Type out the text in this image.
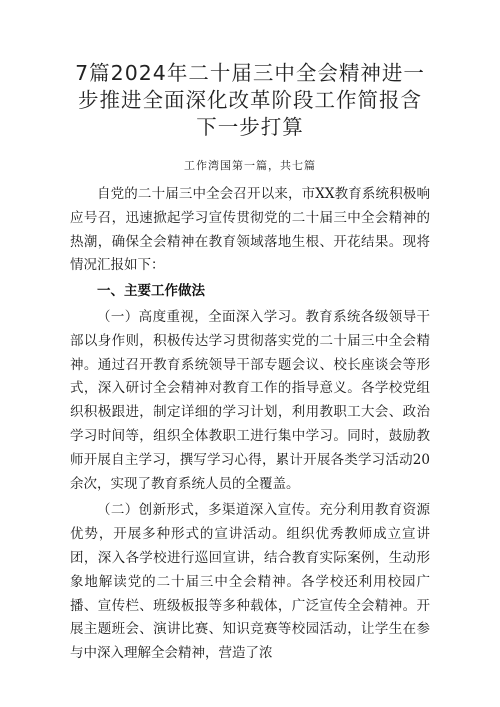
7篇2024年二十届三中全会精神进一步推进全面深化改革阶段工作简报含下一步打算

工作湾国第一篇，共七篇

自党的二十届三中全会召开以来，市XX教育系统积极响应号召，迅速掀起学习宣传贯彻党的二十届三中全会精神的热潮，确保全会精神在教育领域落地生根、开花结果。现将情况汇报如下：

一、主要工作做法

（一）高度重视，全面深入学习。教育系统各级领导干部以身作则，积极传达学习贯彻落实党的二十届三中全会精神。通过召开教育系统领导干部专题会议、校长座谈会等形式，深入研讨全会精神对教育工作的指导意义。各学校党组织积极跟进，制定详细的学习计划，利用教职工大会、政治学习时间等，组织全体教职工进行集中学习。同时，鼓励教师开展自主学习，撰写学习心得，累计开展各类学习活动20余次，实现了教育系统人员的全覆盖。

（二）创新形式，多渠道深入宣传。充分利用教育资源优势，开展多种形式的宣讲活动。组织优秀教师成立宣讲团，深入各学校进行巡回宣讲，结合教育实际案例，生动形象地解读党的二十届三中全会精神。各学校还利用校园广播、宣传栏、班级板报等多种载体，广泛宣传全会精神。开展主题班会、演讲比赛、知识竞赛等校园活动，让学生在参与中深入理解全会精神，营造了浓
